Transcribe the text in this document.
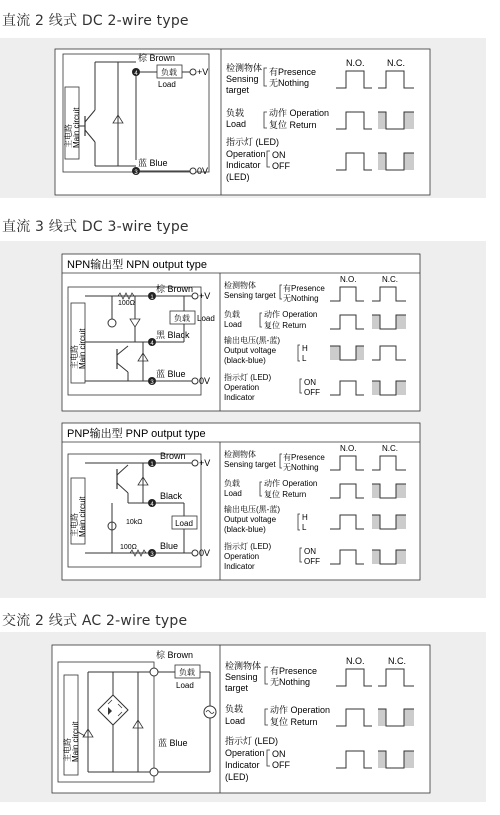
直流 2 线式 DC 2-wire type
直流 3 线式 DC 3-wire type
交流 2 线式 AC 2-wire type
主电路 Main circuit
4
3
棕 Brown
负载
Load
+V
蓝 Blue
0V
N.O. N.C.
检测物体
Sensing
target
有Presence
无Nothing
负载
Load
动作 Operation
复位 Return
指示灯 (LED)
Operation
Indicator
(LED)
ON
OFF
NPN输出型 NPN output type
主电路 Main circuit
100Ω
1
4
3
棕 Brown
+V
黑 Black
负载 Load
蓝 Blue
0V
N.O.	N.C.
检测物体
Sensing target
有Presence
无Nothing
负载
Load
动作 Operation
复位 Return
输出电压(黑-蓝)
Output voltage
(black-blue)
H
L
指示灯 (LED)
Operation
Indicator
ON
OFF
PNP输出型 PNP output type
主电路 Main circuit	10kΩ
100Ω
1
4
3
Brown
+V
Black
Load
Blue
0V
N.O.	N.C.
检测物体
Sensing target
有Presence
无Nothing
负载
Load
动作 Operation
复位 Return
输出电压(黑-蓝)
Output voltage
(black-blue)
H
L
指示灯 (LED)
Operation
Indicator
ON
OFF
主电路 Main circuit
棕 Brown
负载
Load
蓝 Blue
N.O.	N.C.
检测物体
Sensing
target
有Presence
无Nothing
负载
Load
动作 Operation
复位 Return
指示灯 (LED)
Operation
Indicator
(LED)
ON
OFF
